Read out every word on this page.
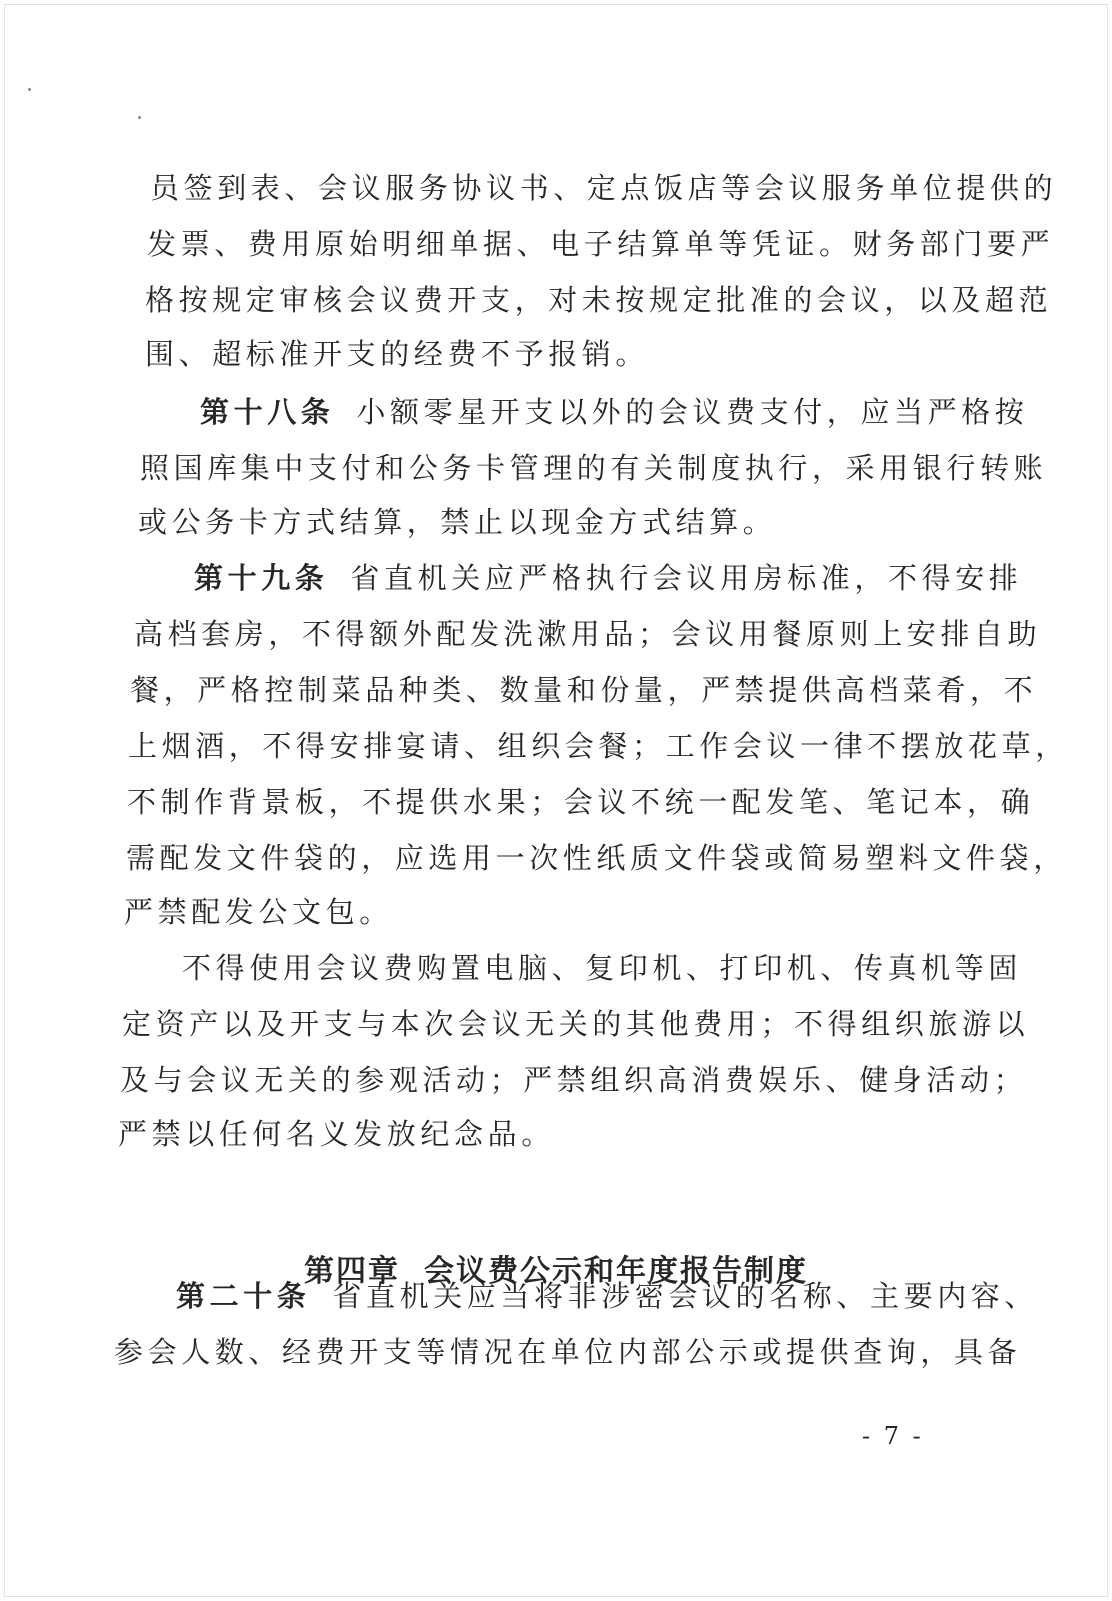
员签到表、会议服务协议书、定点饭店等会议服务单位提供的
发票、费用原始明细单据、电子结算单等凭证。财务部门要严
格按规定审核会议费开支，对未按规定批准的会议，以及超范
围、超标准开支的经费不予报销。
第十八条 小额零星开支以外的会议费支付，应当严格按
照国库集中支付和公务卡管理的有关制度执行，采用银行转账
或公务卡方式结算，禁止以现金方式结算。
第十九条 省直机关应严格执行会议用房标准，不得安排
高档套房，不得额外配发洗漱用品；会议用餐原则上安排自助
餐，严格控制菜品种类、数量和份量，严禁提供高档菜肴，不
上烟酒，不得安排宴请、组织会餐；工作会议一律不摆放花草，
不制作背景板，不提供水果；会议不统一配发笔、笔记本，确
需配发文件袋的，应选用一次性纸质文件袋或简易塑料文件袋，
严禁配发公文包。
不得使用会议费购置电脑、复印机、打印机、传真机等固
定资产以及开支与本次会议无关的其他费用；不得组织旅游以
及与会议无关的参观活动；严禁组织高消费娱乐、健身活动；
严禁以任何名义发放纪念品。
第四章 会议费公示和年度报告制度
第二十条 省直机关应当将非涉密会议的名称、主要内容、
参会人数、经费开支等情况在单位内部公示或提供查询，具备
- 7 -
